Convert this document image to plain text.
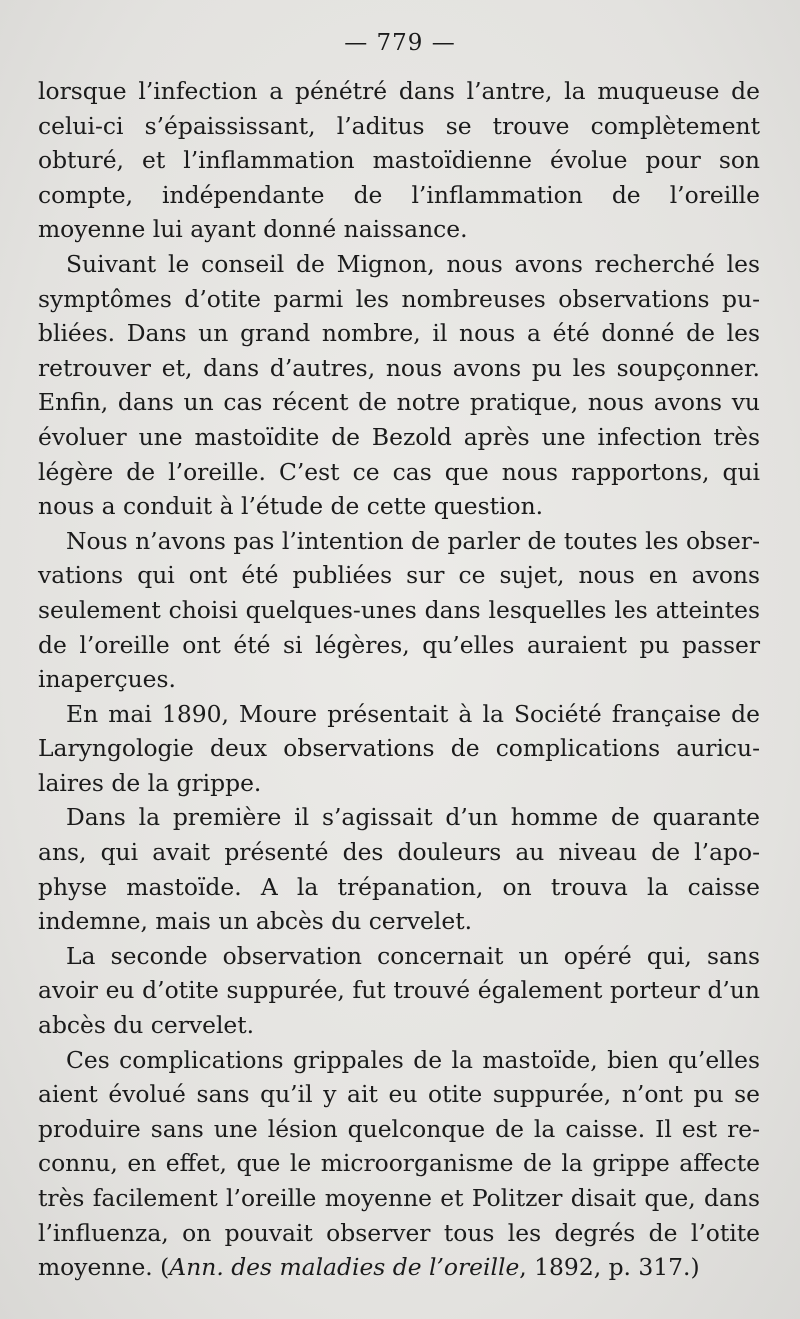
— 779 —

lorsque l’infection a pénétré dans l’antre, la muqueuse de celui-ci s’épaississant, l’aditus se trouve complètement obturé, et l’inflammation mastoïdienne évolue pour son compte, indépendante de l’inflammation de l’oreille moyenne lui ayant donné naissance.

Suivant le conseil de Mignon, nous avons recherché les symptômes d’otite parmi les nombreuses observations publiées. Dans un grand nombre, il nous a été donné de les retrouver et, dans d’autres, nous avons pu les soupçonner. Enfin, dans un cas récent de notre pratique, nous avons vu évoluer une mastoïdite de Bezold après une infection très légère de l’oreille. C’est ce cas que nous rapportons, qui nous a conduit à l’étude de cette question.

Nous n’avons pas l’intention de parler de toutes les observations qui ont été publiées sur ce sujet, nous en avons seulement choisi quelques-unes dans lesquelles les atteintes de l’oreille ont été si légères, qu’elles auraient pu passer inaperçues.

En mai 1890, Moure présentait à la Société française de Laryngologie deux observations de complications auriculaires de la grippe.

Dans la première il s’agissait d’un homme de quarante ans, qui avait présenté des douleurs au niveau de l’apophyse mastoïde. A la trépanation, on trouva la caisse indemne, mais un abcès du cervelet.

La seconde observation concernait un opéré qui, sans avoir eu d’otite suppurée, fut trouvé également porteur d’un abcès du cervelet.

Ces complications grippales de la mastoïde, bien qu’elles aient évolué sans qu’il y ait eu otite suppurée, n’ont pu se produire sans une lésion quelconque de la caisse. Il est reconnu, en effet, que le microorganisme de la grippe affecte très facilement l’oreille moyenne et Politzer disait que, dans l’influenza, on pouvait observer tous les degrés de l’otite moyenne. (Ann. des maladies de l’oreille, 1892, p. 317.)
